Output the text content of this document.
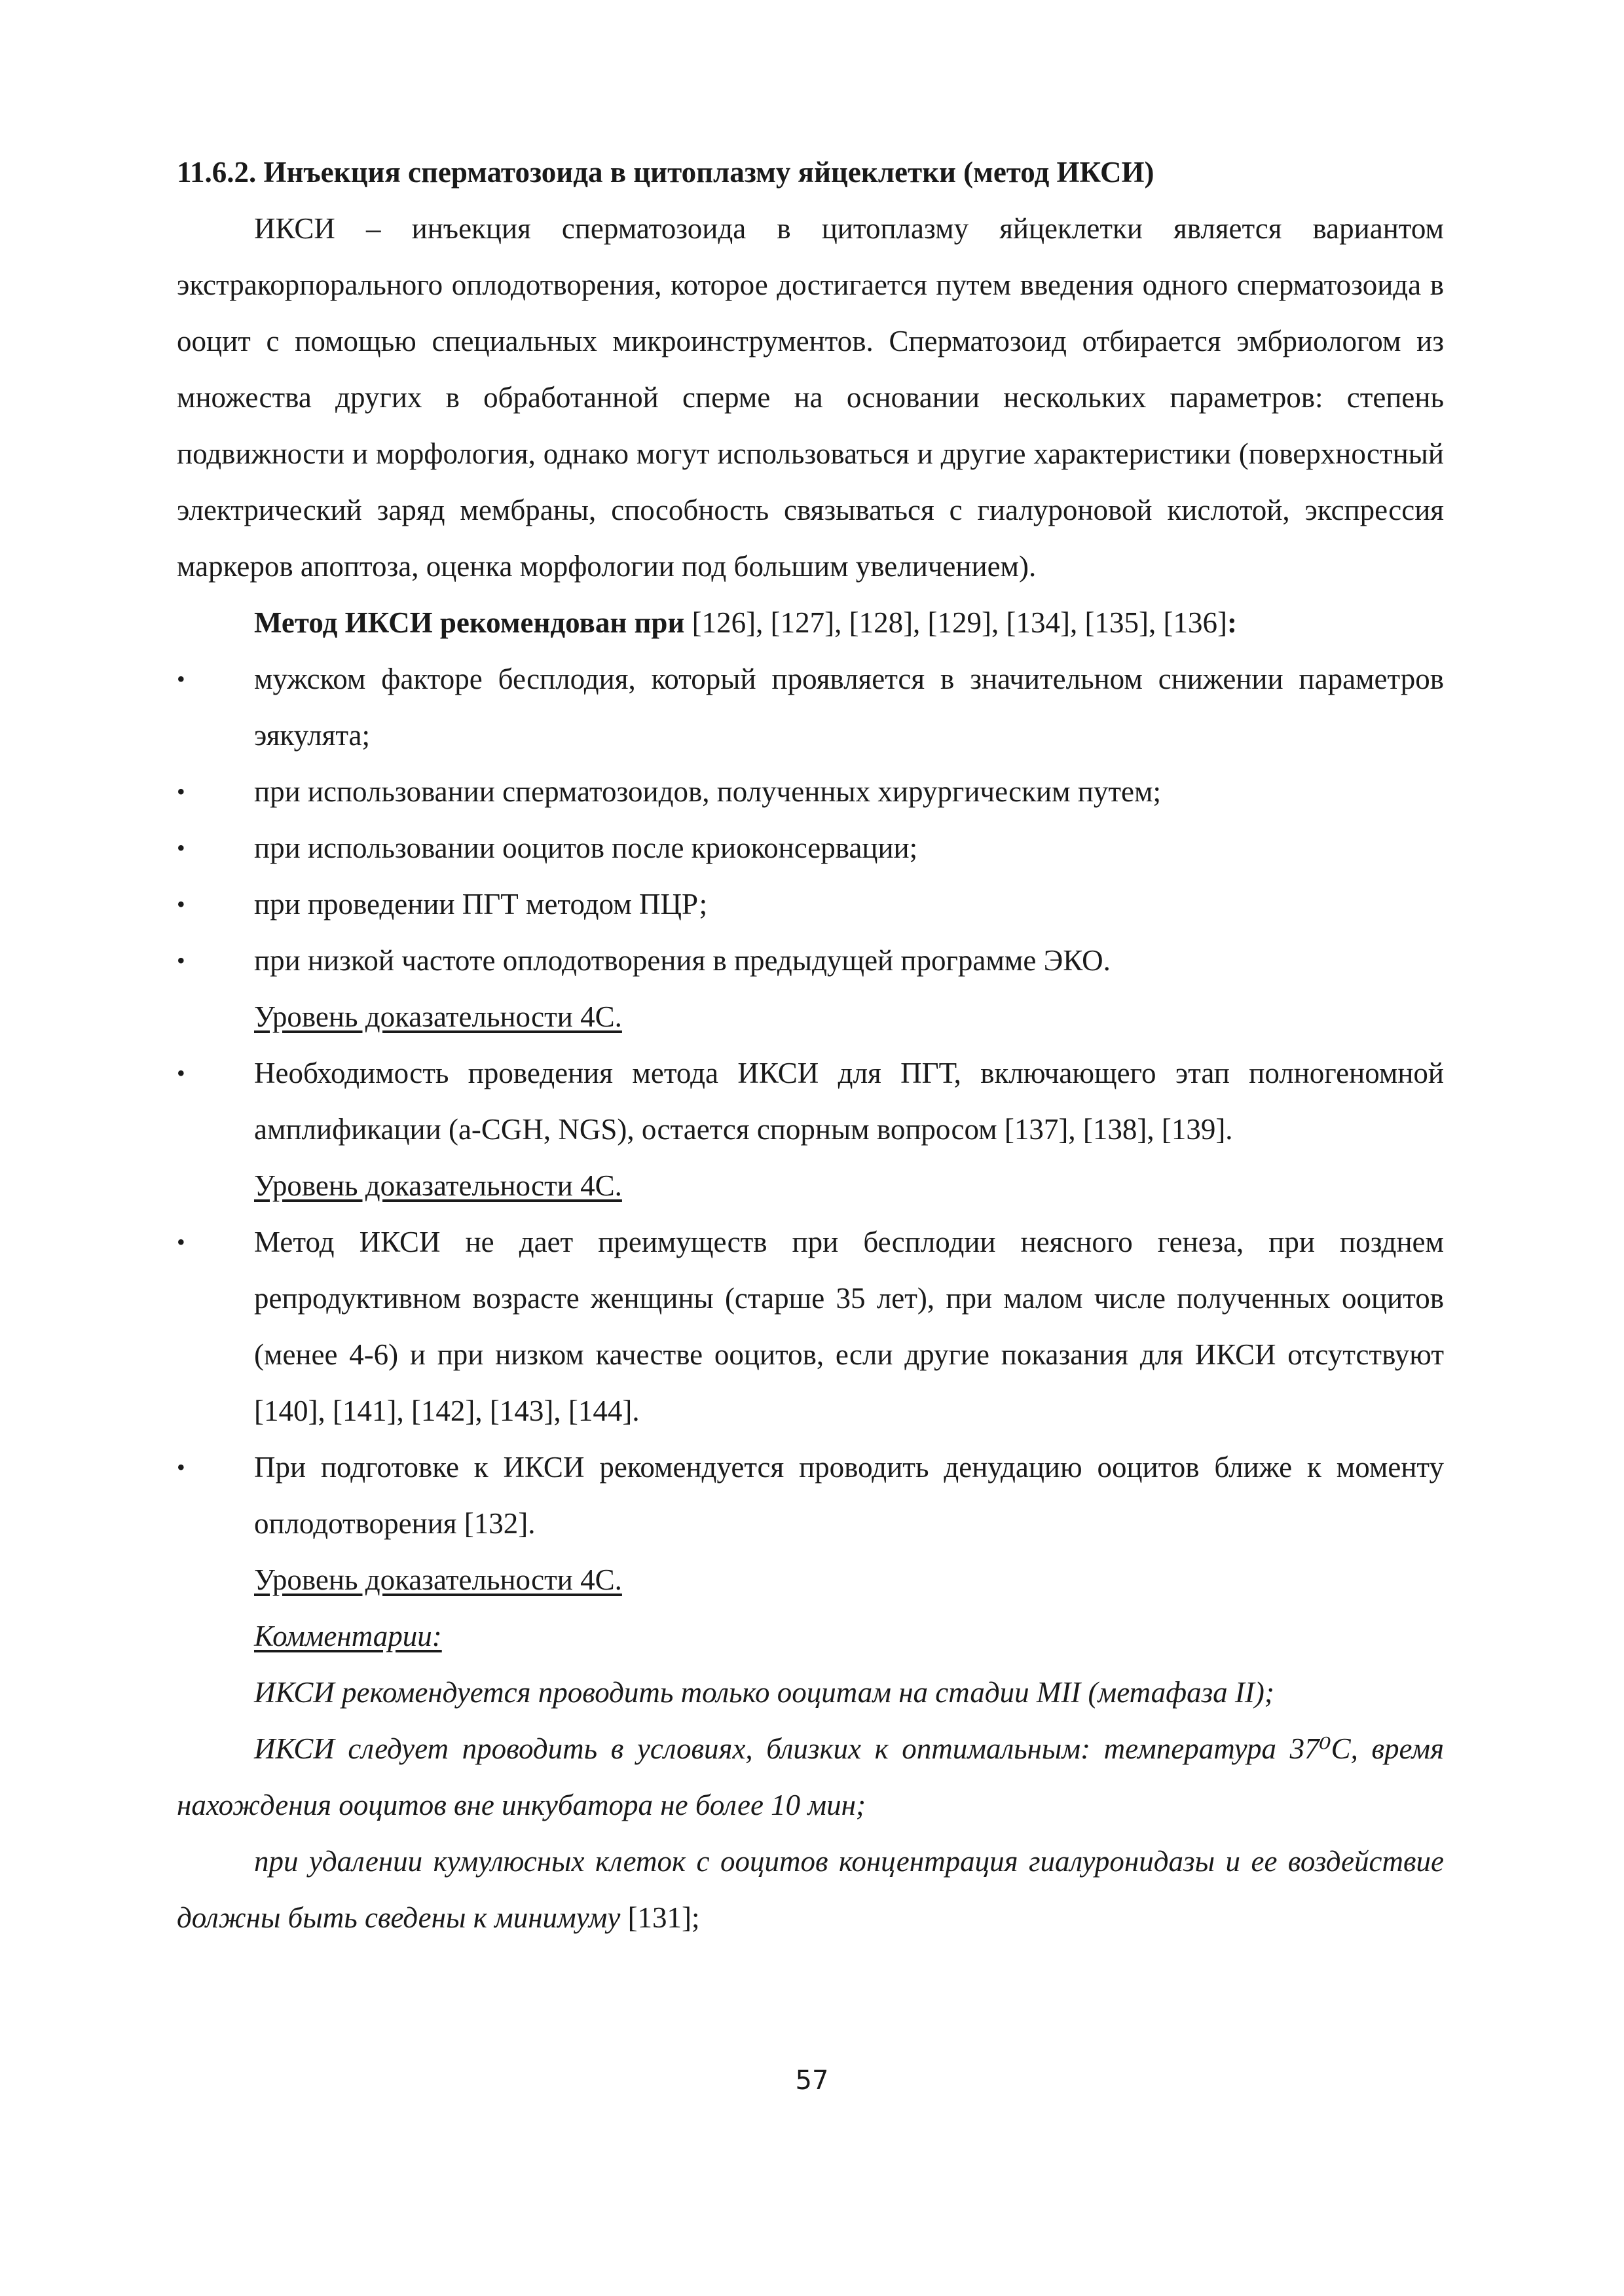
11.6.2. Инъекция сперматозоида в цитоплазму яйцеклетки (метод ИКСИ)

ИКСИ – инъекция сперматозоида в цитоплазму яйцеклетки является вариантом экстракорпорального оплодотворения, которое достигается путем введения одного сперматозоида в ооцит с помощью специальных микроинструментов. Сперматозоид отбирается эмбриологом из множества других в обработанной сперме на основании нескольких параметров: степень подвижности и морфология, однако могут использоваться и другие характеристики (поверхностный электрический заряд мембраны, способность связываться с гиалуроновой кислотой, экспрессия маркеров апоптоза, оценка морфологии под большим увеличением).

Метод ИКСИ рекомендован при [126], [127], [128], [129], [134], [135], [136]:

•	мужском факторе бесплодия, который проявляется в значительном снижении параметров эякулята;
•	при использовании сперматозоидов, полученных хирургическим путем;
•	при использовании ооцитов после криоконсервации;
•	при проведении ПГТ методом ПЦР;
•	при низкой частоте оплодотворения в предыдущей программе ЭКО.

Уровень доказательности 4С.

•	Необходимость проведения метода ИКСИ для ПГТ, включающего этап полногеномной амплификации (a-CGH, NGS), остается спорным вопросом [137], [138], [139].

Уровень доказательности 4С.

•	Метод ИКСИ не дает преимуществ при бесплодии неясного генеза, при позднем репродуктивном возрасте женщины (старше 35 лет), при малом числе полученных ооцитов (менее 4-6) и при низком качестве ооцитов, если другие показания для ИКСИ отсутствуют [140], [141], [142], [143], [144].
•	При подготовке к ИКСИ рекомендуется проводить денудацию ооцитов ближе к моменту оплодотворения [132].

Уровень доказательности 4С.

Комментарии:

ИКСИ рекомендуется проводить только ооцитам на стадии MII (метафаза II);

ИКСИ следует проводить в условиях, близких к оптимальным: температура 37⁰С, время нахождения ооцитов вне инкубатора не более 10 мин;

при удалении кумулюсных клеток с ооцитов концентрация гиалуронидазы и ее воздействие должны быть сведены к минимуму [131];

57
